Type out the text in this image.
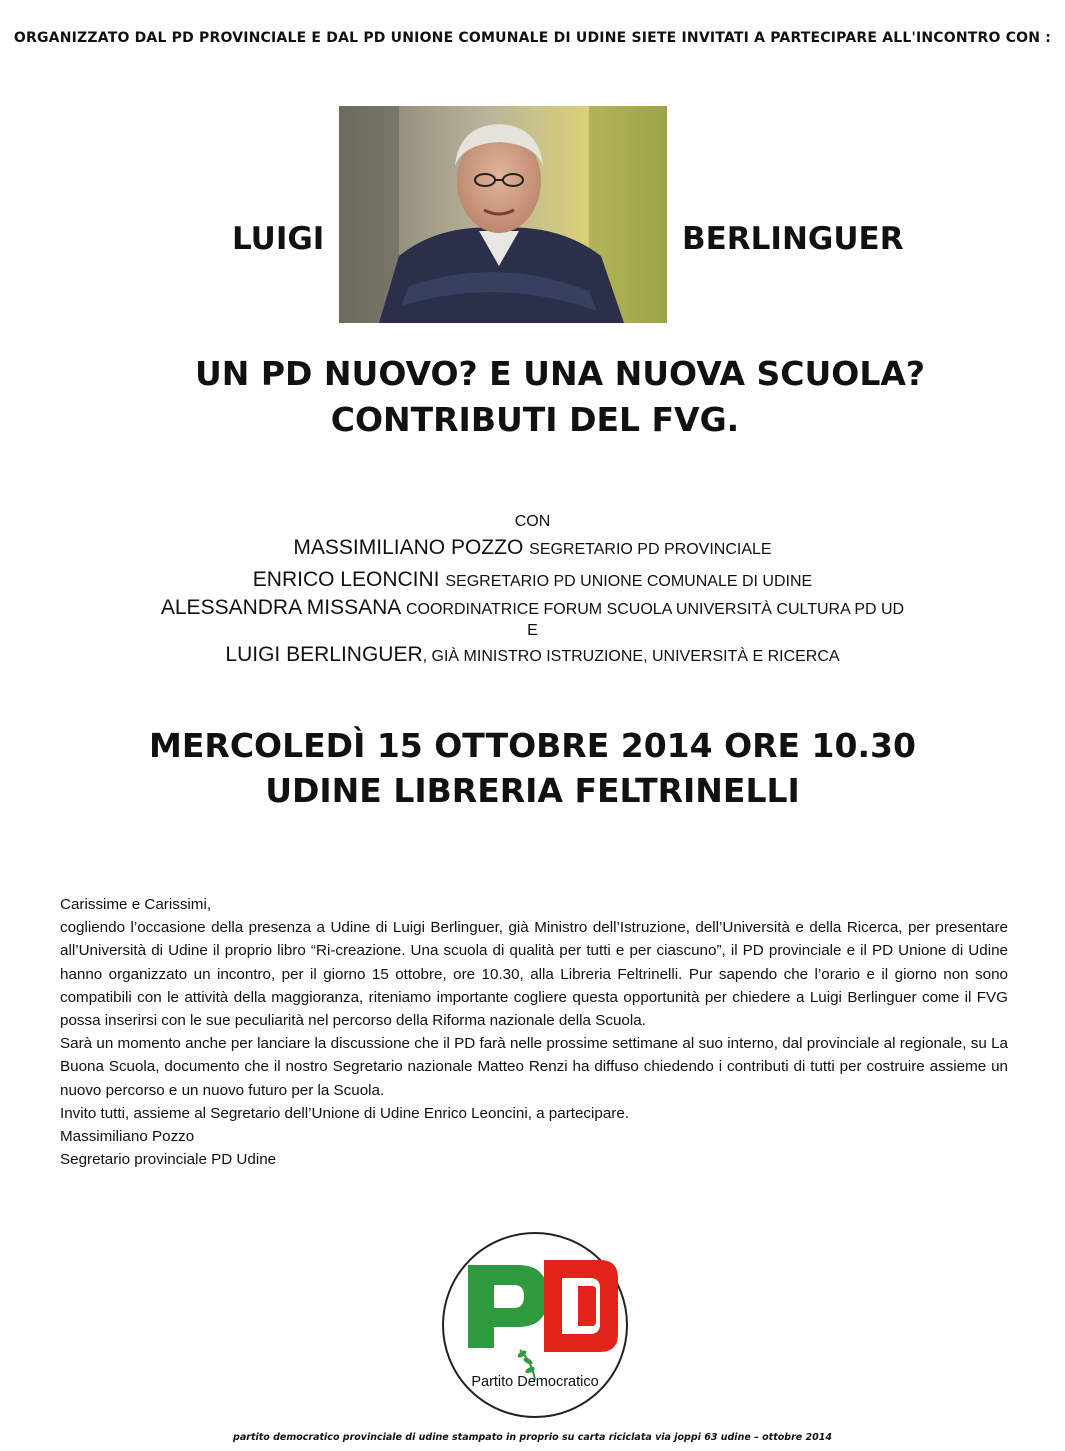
ORGANIZZATO DAL PD PROVINCIALE E DAL PD UNIONE COMUNALE DI UDINE SIETE INVITATI A PARTECIPARE ALL'INCONTRO CON :
LUIGI	BERLINGUER
UN PD NUOVO? E UNA NUOVA SCUOLA?
CONTRIBUTI DEL FVG.
CON
MASSIMILIANO POZZO SEGRETARIO PD PROVINCIALE
ENRICO LEONCINI SEGRETARIO PD UNIONE COMUNALE DI UDINE
ALESSANDRA MISSANA COORDINATRICE FORUM SCUOLA UNIVERSITÀ CULTURA PD UD
E
LUIGI BERLINGUER, GIÀ MINISTRO ISTRUZIONE, UNIVERSITÀ E RICERCA
MERCOLEDÌ 15 OTTOBRE 2014 ORE 10.30
UDINE LIBRERIA FELTRINELLI

Carissime e Carissimi,

cogliendo l’occasione della presenza a Udine di Luigi Berlinguer, già Ministro dell’Istruzione, dell’Università e della Ricerca, per presentare all’Università di Udine il proprio libro “Ri-creazione. Una scuola di qualità per tutti e per ciascuno”, il PD provinciale e il PD Unione di Udine hanno organizzato un incontro, per il giorno 15 ottobre, ore 10.30, alla Libreria Feltrinelli. Pur sapendo che l’orario e il giorno non sono compatibili con le attività della maggioranza, riteniamo importante cogliere questa opportunità per chiedere a Luigi Berlinguer come il FVG possa inserirsi con le sue peculiarità nel percorso della Riforma nazionale della Scuola.

Sarà un momento anche per lanciare la discussione che il PD farà nelle prossime settimane al suo interno, dal provinciale al regionale, su La Buona Scuola, documento che il nostro Segretario nazionale Matteo Renzi ha diffuso chiedendo i contributi di tutti per costruire assieme un nuovo percorso e un nuovo futuro per la Scuola.

Invito tutti, assieme al Segretario dell’Unione di Udine Enrico Leoncini, a partecipare.

Massimiliano Pozzo

Segretario provinciale PD Udine

Partito Democratico
partito democratico provinciale di udine stampato in proprio su carta riciclata via joppi 63 udine – ottobre 2014
